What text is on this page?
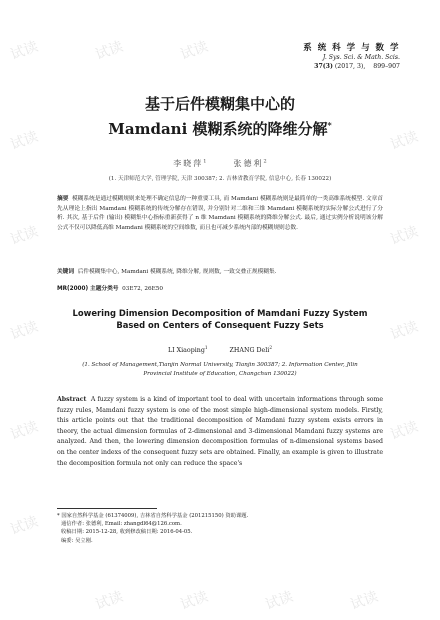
试读	试读	试读
试读	试读
试读	试读
试读	试读
试读	试读
试读
试读	试读	试读	试读
系 统 科 学 与 数 学
J. Sys. Sci. & Math. Scis.
37(3) (2017, 3), 899–907
基于后件模糊集中心的
Mamdani 模糊系统的降维分解*
李晓萍$^1$	张德利$^2$
(1. 天津师范大学, 管理学院, 天津 300387; 2. 吉林省教育学院, 信息中心, 长春 130022)
摘要 模糊系统是通过模糊规则来处理不确定信息的一种重要工具, 而 Mamdani 模糊系统则是最简单的一类高维系统模型. 文章首先从理论上指出 Mamdani 模糊系统的传统分解存在错误, 并分别针对二维和三维 Mamdani 模糊系统的实际分解公式进行了分析. 其次, 基于后件 (输出) 模糊集中心指标重新获得了 n 维 Mamdani 模糊系统的降维分解公式. 最后, 通过实例分析说明该分解公式不仅可以降低高维 Mamdani 模糊系统的空间维数, 而且也可减少系统内部的模糊规则总数.
关键词 后件模糊集中心, Mamdani 模糊系统, 降维分解, 规则数, 一致交叠正规模糊集.
MR(2000) 主题分类号 03E72, 26E50
Lowering Dimension Decomposition of Mamdani Fuzzy System Based on Centers of Consequent Fuzzy Sets
LI Xiaoping$^1$	ZHANG Deli$^2$
(1. School of Management,Tianjin Normal University, Tianjin 300387; 2. Information Center, Jilin Provincial Institute of Education, Changchun 130022)
Abstract A fuzzy system is a kind of important tool to deal with uncertain informations through some fuzzy rules, Mamdani fuzzy system is one of the most simple high-dimensional system models. Firstly, this article points out that the traditional decomposition of Mamdani fuzzy system exists errors in theory, the actual dimension formulas of 2-dimensional and 3-dimensional Mamdani fuzzy systems are analyzed. And then, the lowering dimension decomposition formulas of n-dimensional systems based on the center indexs of the consequent fuzzy sets are obtained. Finally, an example is given to illustrate the decomposition formula not only can reduce the space's
* 国家自然科学基金 (61374009), 吉林省自然科学基金 (201215150) 资助课题.
通信作者: 张德利, Email: zhangdl64@126.com.
收稿日期: 2015-12-28, 收到修改稿日期: 2016-04-05.
编委: 吴立刚.
